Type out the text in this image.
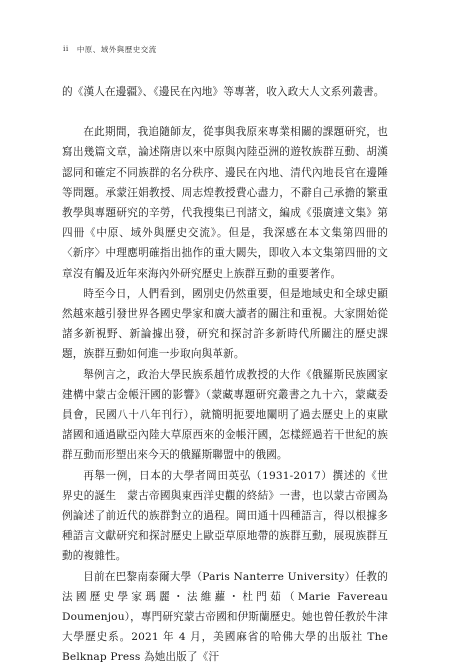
ii 中原、域外與歷史交流

的《漢人在邊疆》、《邊民在內地》等專著，收入政大人文系列叢書。

在此期間，我追隨師友，從事與我原來專業相關的課題研究，也寫出幾篇文章，論述隋唐以來中原與內陸亞洲的遊牧族群互動、胡漢認同和確定不同族群的名分秩序、邊民在內地、清代內地長官在邊陲等問題。承蒙汪娟教授、周志煌教授費心盡力，不辭自己承擔的繁重教學與專題研究的辛勞，代我搜集已刊諸文，編成《張廣達文集》第四冊《中原、域外與歷史交流》。但是，我深感在本文集第四冊的〈新序〉中理應明確指出拙作的重大闕失，即收入本文集第四冊的文章沒有觸及近年來海內外研究歷史上族群互動的重要著作。

時至今日，人們看到，國別史仍然重要，但是地域史和全球史顯然越來越引發世界各國史學家和廣大讀者的關注和重視。大家開始從諸多新視野、新論據出發，研究和探討許多新時代所關注的歷史課題，族群互動如何進一步取向與革新。

舉例言之，政治大學民族系趙竹成教授的大作《俄羅斯民族國家建構中蒙古金帳汗國的影響》（蒙藏專題研究叢書之九十六，蒙藏委員會，民國八十八年刊行），就簡明扼要地闡明了過去歷史上的東歐諸國和通過歐亞內陸大草原西來的金帳汗國，怎樣經過若干世紀的族群互動而形塑出來今天的俄羅斯聯盟中的俄國。

再舉一例，日本的大學者岡田英弘（1931-2017）撰述的《世界史的誕生　蒙古帝國與東西洋史觀的終結》一書，也以蒙古帝國為例論述了前近代的族群對立的過程。岡田通十四種語言，得以根據多種語言文獻研究和探討歷史上歐亞草原地帶的族群互動，展現族群互動的複雜性。

目前在巴黎南泰爾大學（Paris Nanterre University）任教的法國歷史學家瑪麗・法維蘿・杜門茹（Marie Favereau Doumenjou），專門研究蒙古帝國和伊斯蘭歷史。她也曾任教於牛津大學歷史系。2021 年 4 月，美國麻省的哈佛大學的出版社 The Belknap Press 為她出版了《汗
